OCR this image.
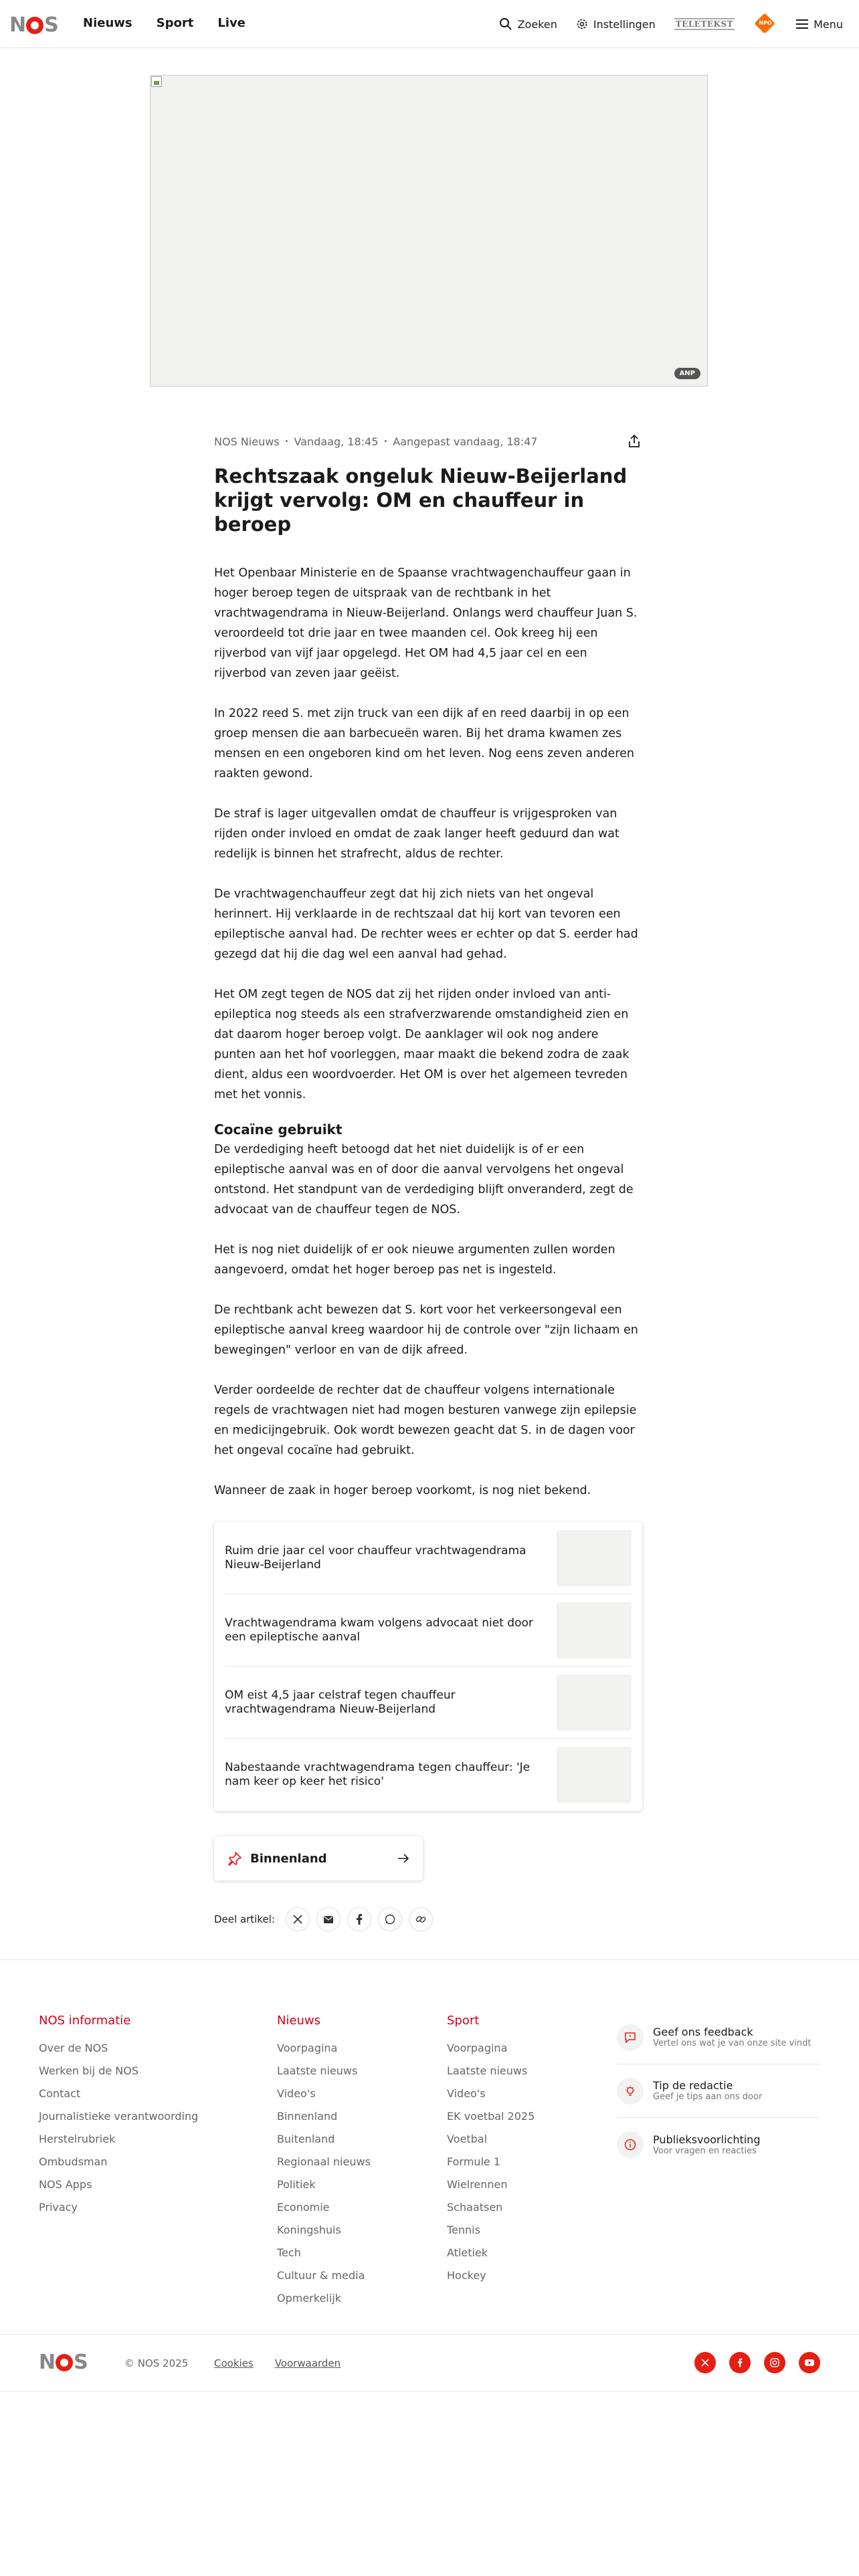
N S Nieuws Sport Live	Zoeken	Instellingen	TELETEKST	NPO	Menu
ANP
NOS Nieuws • Vandaag, 18:45 • Aangepast vandaag, 18:47
Rechtszaak ongeluk Nieuw-Beijerland krijgt vervolg: OM en chauffeur in beroep

Het Openbaar Ministerie en de Spaanse vrachtwagenchauffeur gaan in hoger beroep tegen de uitspraak van de rechtbank in het vrachtwagendrama in Nieuw-Beijerland. Onlangs werd chauffeur Juan S. veroordeeld tot drie jaar en twee maanden cel. Ook kreeg hij een rijverbod van vijf jaar opgelegd. Het OM had 4,5 jaar cel en een rijverbod van zeven jaar geëist.

In 2022 reed S. met zijn truck van een dijk af en reed daarbij in op een groep mensen die aan barbecueën waren. Bij het drama kwamen zes mensen en een ongeboren kind om het leven. Nog eens zeven anderen raakten gewond.

De straf is lager uitgevallen omdat de chauffeur is vrijgesproken van rijden onder invloed en omdat de zaak langer heeft geduurd dan wat redelijk is binnen het strafrecht, aldus de rechter.

De vrachtwagenchauffeur zegt dat hij zich niets van het ongeval herinnert. Hij verklaarde in de rechtszaal dat hij kort van tevoren een epileptische aanval had. De rechter wees er echter op dat S. eerder had gezegd dat hij die dag wel een aanval had gehad.

Het OM zegt tegen de NOS dat zij het rijden onder invloed van anti-epileptica nog steeds als een strafverzwarende omstandigheid zien en dat daarom hoger beroep volgt. De aanklager wil ook nog andere punten aan het hof voorleggen, maar maakt die bekend zodra de zaak dient, aldus een woordvoerder. Het OM is over het algemeen tevreden met het vonnis.

Cocaïne gebruikt

De verdediging heeft betoogd dat het niet duidelijk is of er een epileptische aanval was en of door die aanval vervolgens het ongeval ontstond. Het standpunt van de verdediging blijft onveranderd, zegt de advocaat van de chauffeur tegen de NOS.

Het is nog niet duidelijk of er ook nieuwe argumenten zullen worden aangevoerd, omdat het hoger beroep pas net is ingesteld.

De rechtbank acht bewezen dat S. kort voor het verkeersongeval een epileptische aanval kreeg waardoor hij de controle over "zijn lichaam en bewegingen" verloor en van de dijk afreed.

Verder oordeelde de rechter dat de chauffeur volgens internationale regels de vrachtwagen niet had mogen besturen vanwege zijn epilepsie en medicijngebruik. Ook wordt bewezen geacht dat S. in de dagen voor het ongeval cocaïne had gebruikt.

Wanneer de zaak in hoger beroep voorkomt, is nog niet bekend.

Ruim drie jaar cel voor chauffeur vrachtwagendrama Nieuw-Beijerland
Vrachtwagendrama kwam volgens advocaat niet door een epileptische aanval
OM eist 4,5 jaar celstraf tegen chauffeur vrachtwagendrama Nieuw-Beijerland
Nabestaande vrachtwagendrama tegen chauffeur: 'Je nam keer op keer het risico'
Binnenland
Deel artikel:
NOS informatie
Over de NOS
Werken bij de NOS
Contact
Journalistieke verantwoording
Herstelrubriek
Ombudsman
NOS Apps
Privacy
Nieuws
Voorpagina
Laatste nieuws
Video's
Binnenland
Buitenland
Regionaal nieuws
Politiek
Economie
Koningshuis
Tech
Cultuur & media
Opmerkelijk
Sport
Voorpagina
Laatste nieuws
Video's
EK voetbal 2025
Voetbal
Formule 1
Wielrennen
Schaatsen
Tennis
Atletiek
Hockey
Geef ons feedback
Vertel ons wat je van onze site vindt
Tip de redactie
Geef je tips aan ons door
Publieksvoorlichting
Voor vragen en reacties
N S	© NOS 2025	Cookies Voorwaarden
